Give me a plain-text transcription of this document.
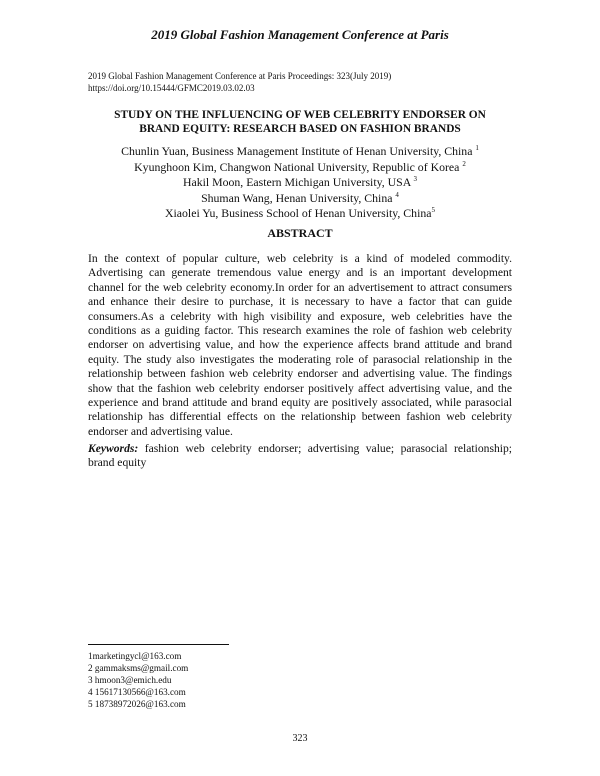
2019 Global Fashion Management Conference at Paris
2019 Global Fashion Management Conference at Paris Proceedings: 323(July 2019)
https://doi.org/10.15444/GFMC2019.03.02.03
STUDY ON THE INFLUENCING OF WEB CELEBRITY ENDORSER ON
BRAND EQUITY: RESEARCH BASED ON FASHION BRANDS
Chunlin Yuan, Business Management Institute of Henan University, China $^1$
Kyunghoon Kim, Changwon National University, Republic of Korea $^2$
Hakil Moon, Eastern Michigan University, USA $^3$
Shuman Wang, Henan University, China $^4$
Xiaolei Yu, Business School of Henan University, China$^5$
ABSTRACT
In the context of popular culture, web celebrity is a kind of modeled commodity. Advertising can generate tremendous value energy and is an important development channel for the web celebrity economy.In order for an advertisement to attract consumers and enhance their desire to purchase, it is necessary to have a factor that can guide consumers.As a celebrity with high visibility and exposure, web celebrities have the conditions as a guiding factor. This research examines the role of fashion web celebrity endorser on advertising value, and how the experience affects brand attitude and brand equity. The study also investigates the moderating role of parasocial relationship in the relationship between fashion web celebrity endorser and advertising value. The findings show that the fashion web celebrity endorser positively affect advertising value, and the experience and brand attitude and brand equity are positively associated, while parasocial relationship has differential effects on the relationship between fashion web celebrity endorser and advertising value.
Keywords: fashion web celebrity endorser; advertising value; parasocial relationship; brand equity
1marketingycl@163.com
2 gammaksms@gmail.com
3 hmoon3@emich.edu
4 15617130566@163.com
5 18738972026@163.com
323
